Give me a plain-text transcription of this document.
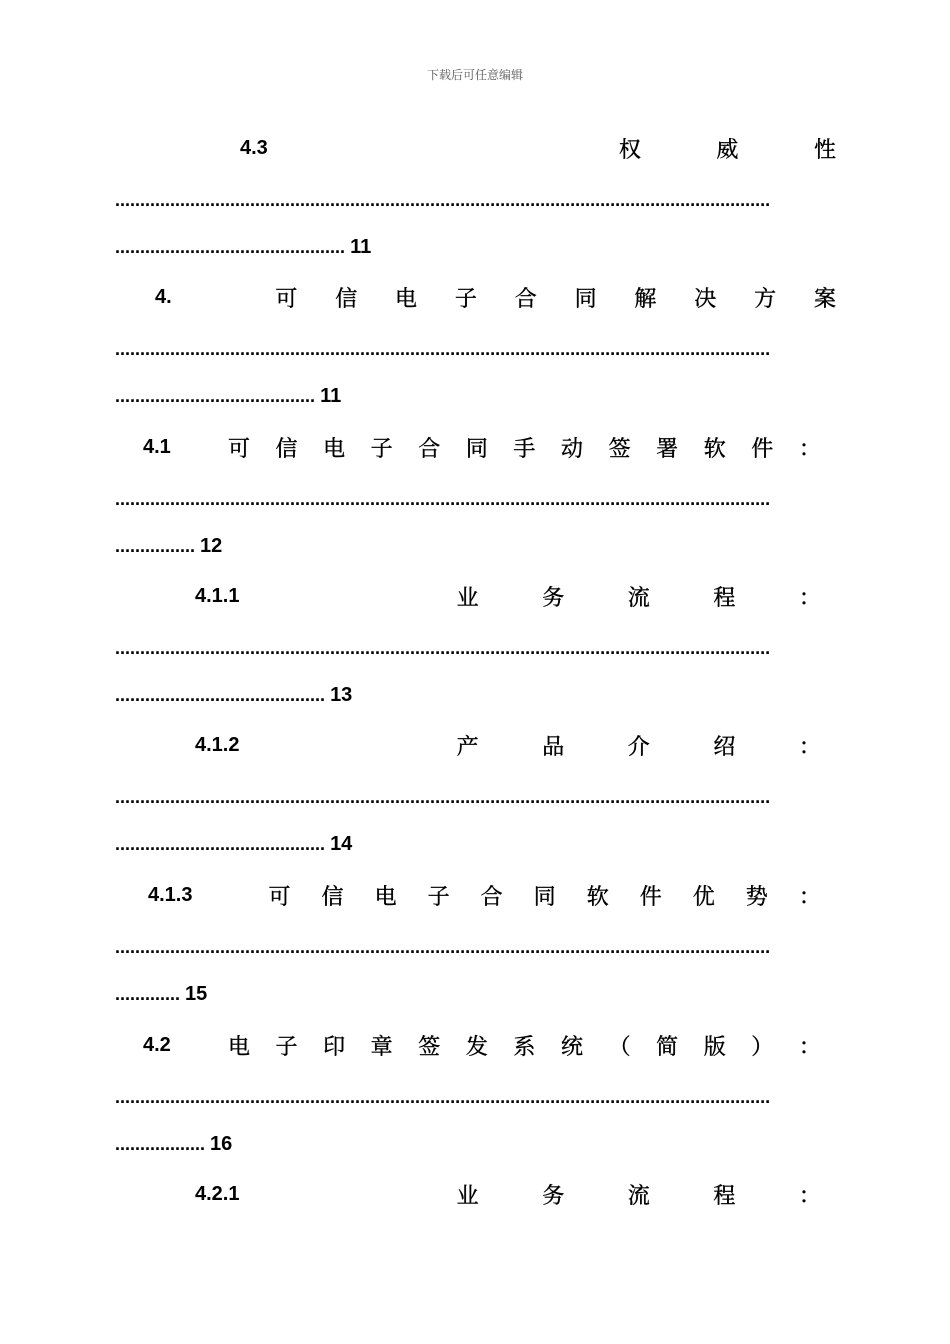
下载后可任意编辑
4.3	权	威	性
...................................................................................................................................
.............................................. 11
4.	可 信 电 子 合 同 解 决 方 案
...................................................................................................................................
........................................ 11
4.1	可 信 电 子 合 同 手 动 签 署 软 件 ：
...................................................................................................................................
................ 12
4.1.1	业	务	流	程	：
...................................................................................................................................
.......................................... 13
4.1.2	产	品	介	绍	：
...................................................................................................................................
.......................................... 14
4.1.3	可 信 电 子 合 同 软 件 优 势 ：
...................................................................................................................................
............. 15
4.2	电 子 印 章 签 发 系 统 （ 简 版 ） ：
...................................................................................................................................
.................. 16
4.2.1	业	务	流	程	：
